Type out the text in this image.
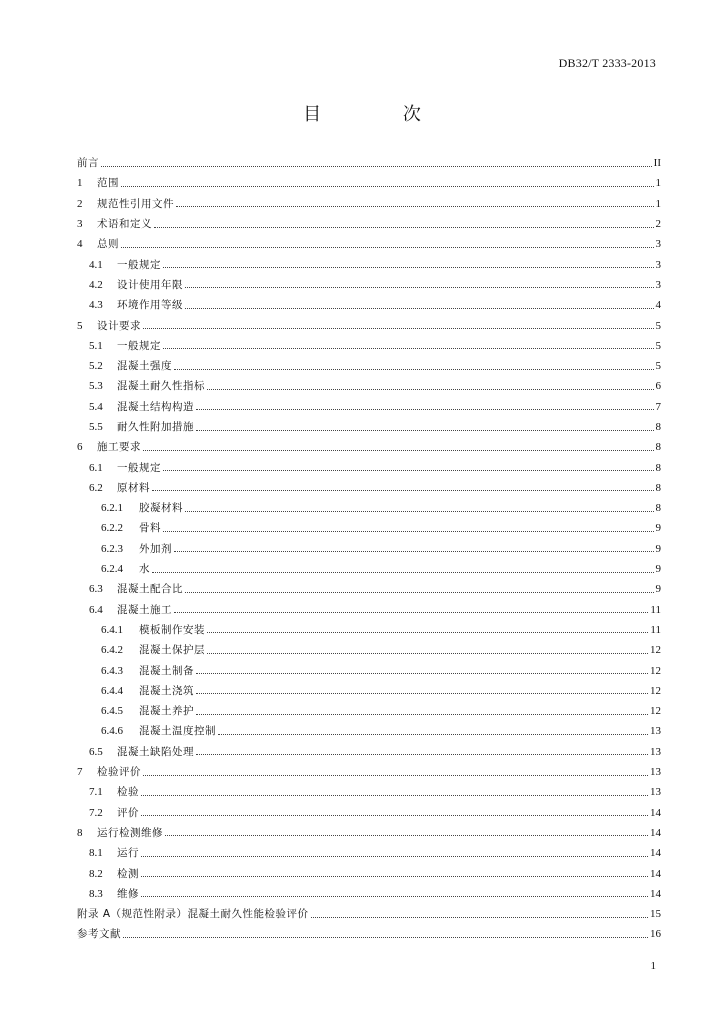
DB32/T 2333-2013
目 次
前言	II
1	范围	1
2	规范性引用文件	1
3	术语和定义	2
4	总则	3
4.1	一般规定	3
4.2	设计使用年限	3
4.3	环境作用等级	4
5	设计要求	5
5.1	一般规定	5
5.2	混凝土强度	5
5.3	混凝土耐久性指标	6
5.4	混凝土结构构造	7
5.5	耐久性附加措施	8
6	施工要求	8
6.1	一般规定	8
6.2	原材料	8
6.2.1	胶凝材料	8
6.2.2	骨料	9
6.2.3	外加剂	9
6.2.4	水	9
6.3	混凝土配合比	9
6.4	混凝土施工	11
6.4.1	模板制作安装	11
6.4.2	混凝土保护层	12
6.4.3	混凝土制备	12
6.4.4	混凝土浇筑	12
6.4.5	混凝土养护	12
6.4.6	混凝土温度控制	13
6.5	混凝土缺陷处理	13
7	检验评价	13
7.1	检验	13
7.2	评价	14
8	运行检测维修	14
8.1	运行	14
8.2	检测	14
8.3	维修	14
附录 A（规范性附录）混凝土耐久性能检验评价	15
参考文献	16
1
